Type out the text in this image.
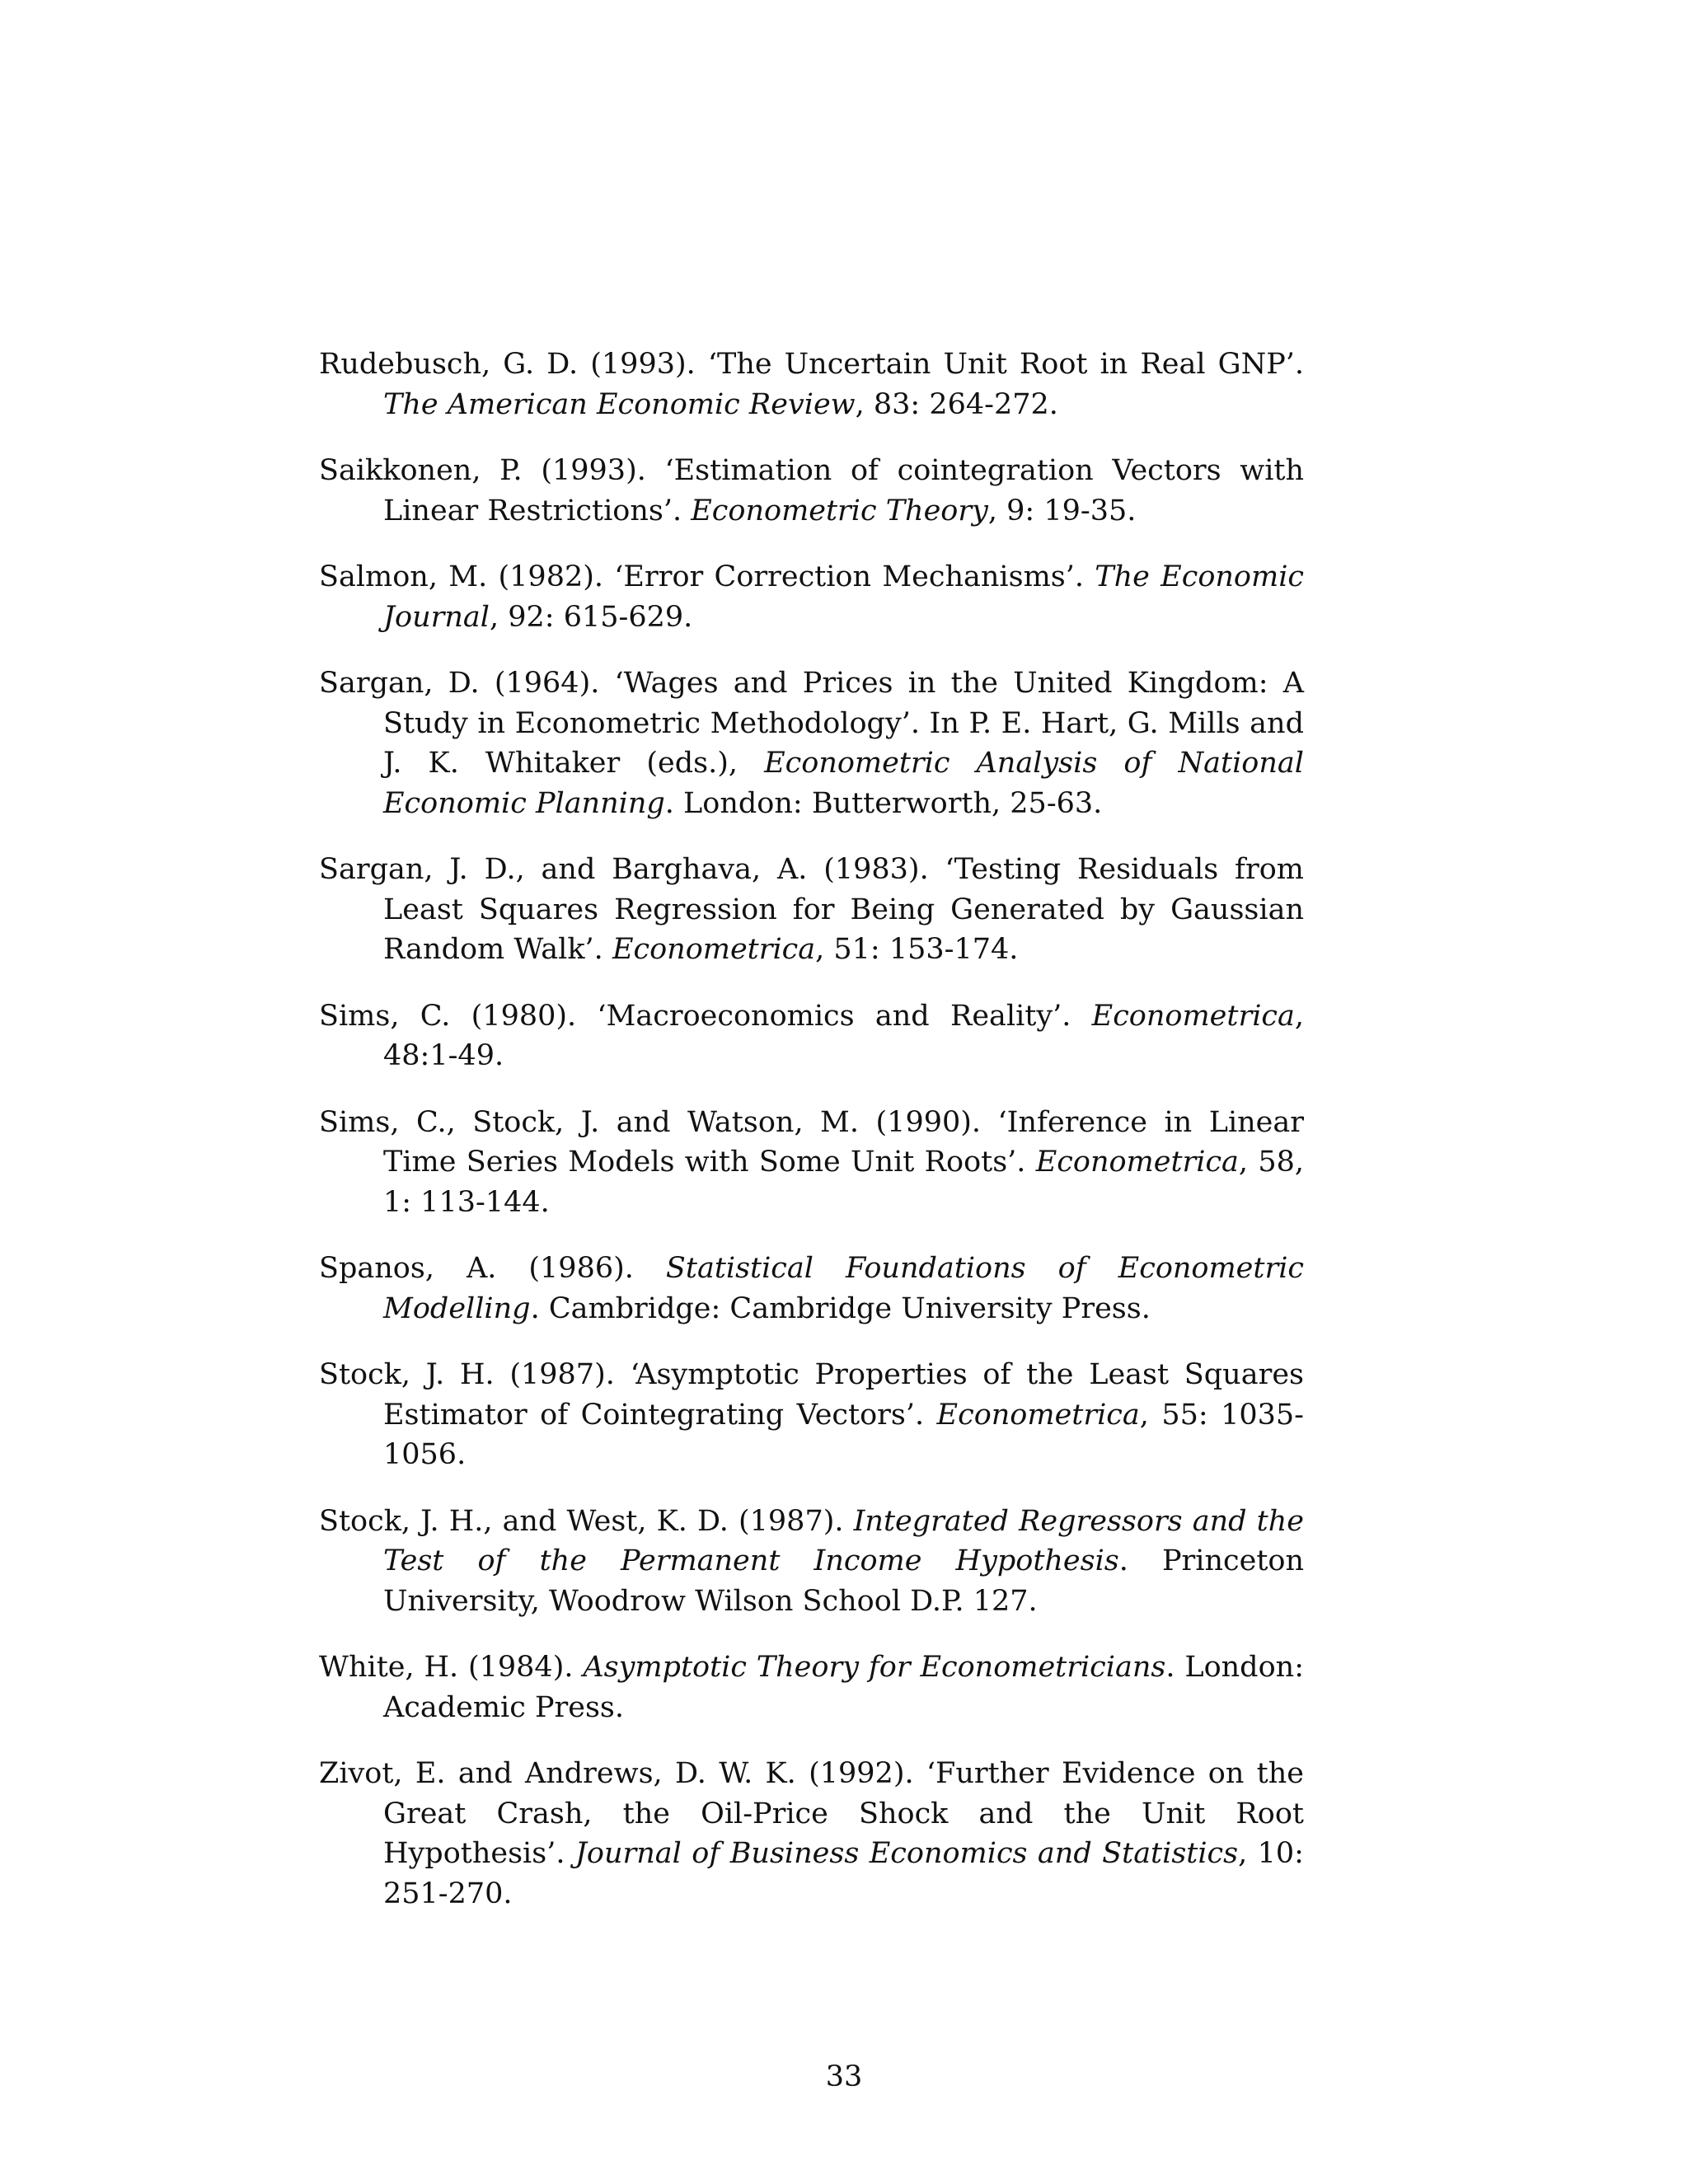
Rudebusch, G. D. (1993). ‘The Uncertain Unit Root in Real GNP’. The American Economic Review, 83: 264-272.
Saikkonen, P. (1993). ‘Estimation of cointegration Vectors with Linear Restrictions’. Econometric Theory, 9: 19-35.
Salmon, M. (1982). ‘Error Correction Mechanisms’. The Economic Journal, 92: 615-629.
Sargan, D. (1964). ‘Wages and Prices in the United Kingdom: A Study in Econometric Methodology’. In P. E. Hart, G. Mills and J. K. Whitaker (eds.), Econometric Analysis of National Economic Planning. London: Butterworth, 25-63.
Sargan, J. D., and Barghava, A. (1983). ‘Testing Residuals from Least Squares Regression for Being Generated by Gaussian Random Walk’. Econometrica, 51: 153-174.
Sims, C. (1980). ‘Macroeconomics and Reality’. Econometrica, 48:1-49.
Sims, C., Stock, J. and Watson, M. (1990). ‘Inference in Linear Time Series Models with Some Unit Roots’. Econometrica, 58, 1: 113-144.
Spanos, A. (1986). Statistical Foundations of Econometric Modelling. Cambridge: Cambridge University Press.
Stock, J. H. (1987). ‘Asymptotic Properties of the Least Squares Estimator of Cointegrating Vectors’. Econometrica, 55: 1035-1056.
Stock, J. H., and West, K. D. (1987). Integrated Regressors and the Test of the Permanent Income Hypothesis. Princeton University, Woodrow Wilson School D.P. 127.
White, H. (1984). Asymptotic Theory for Econometricians. London: Academic Press.
Zivot, E. and Andrews, D. W. K. (1992). ‘Further Evidence on the Great Crash, the Oil-Price Shock and the Unit Root Hypothesis’. Journal of Business Economics and Statistics, 10: 251-270.
33
